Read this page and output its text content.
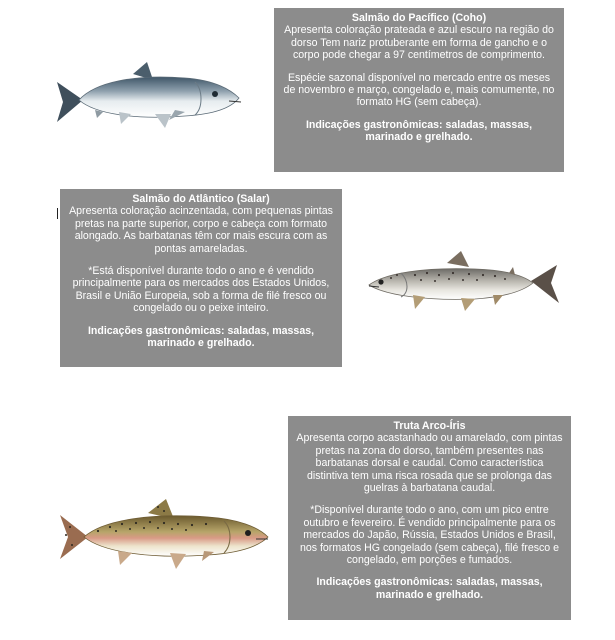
Salmão do Pacífico (Coho)

Apresenta coloração prateada e azul escuro na região do dorso Tem nariz protuberante em forma de gancho e o corpo pode chegar a 97 centímetros de comprimento.

Espécie sazonal disponível no mercado entre os meses de novembro e março, congelado e, mais comumente, no formato HG (sem cabeça).

Indicações gastronômicas: saladas, massas, marinado e grelhado.

Salmão do Atlântico (Salar)

Apresenta coloração acinzentada, com pequenas pintas pretas na parte superior, corpo e cabeça com formato alongado. As barbatanas têm cor mais escura com as pontas amareladas.

*Está disponível durante todo o ano e é vendido principalmente para os mercados dos Estados Unidos, Brasil e União Europeia, sob a forma de filé fresco ou congelado ou o peixe inteiro.

Indicações gastronômicas: saladas, massas, marinado e grelhado.

Truta Arco-Íris

Apresenta corpo acastanhado ou amarelado, com pintas pretas na zona do dorso, também presentes nas barbatanas dorsal e caudal. Como característica distintiva tem uma risca rosada que se prolonga das guelras à barbatana caudal.

*Disponível durante todo o ano, com um pico entre outubro e fevereiro. É vendido principalmente para os mercados do Japão, Rússia, Estados Unidos e Brasil, nos formatos HG congelado (sem cabeça), filé fresco e congelado, em porções e fumados.

Indicações gastronômicas: saladas, massas, marinado e grelhado.
